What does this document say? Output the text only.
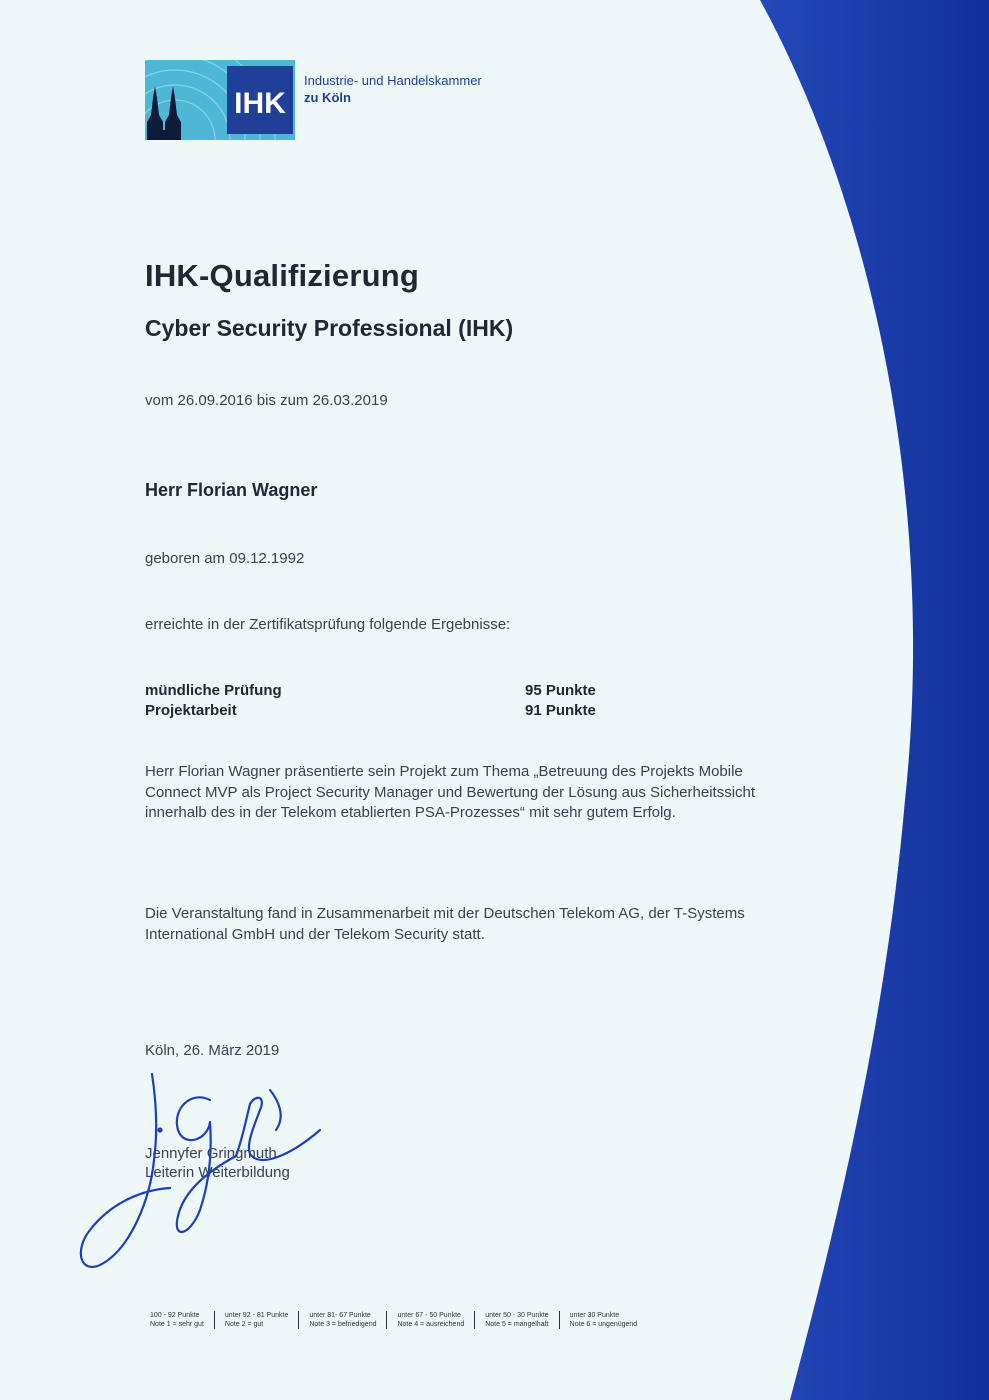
IHK
Industrie- und Handelskammer
zu Köln
IHK-Qualifizierung
Cyber Security Professional (IHK)
vom 26.09.2016 bis zum 26.03.2019
Herr Florian Wagner
geboren am 09.12.1992
erreichte in der Zertifikatsprüfung folgende Ergebnisse:
mündliche Prüfung	95 Punkte
Projektarbeit	91 Punkte
Herr Florian Wagner präsentierte sein Projekt zum Thema „Betreuung des Projekts Mobile Connect MVP als Project Security Manager und Bewertung der Lösung aus Sicherheitssicht innerhalb des in der Telekom etablierten PSA-Prozesses“ mit sehr gutem Erfolg.
Die Veranstaltung fand in Zusammenarbeit mit der Deutschen Telekom AG, der T-Systems International GmbH und der Telekom Security statt.
Köln, 26. März 2019
Jennyfer Gringmuth
Leiterin Weiterbildung
100 - 92 Punkte
Note 1 = sehr gut
unter 92 - 81 Punkte
Note 2 = gut
unter 81- 67 Punkte
Note 3 = befriedigend
unter 67 - 50 Punkte
Note 4 = ausreichend
unter 50 - 30 Punkte
Note 5 = mangelhaft
unter 30 Punkte
Note 6 = ungenügend
